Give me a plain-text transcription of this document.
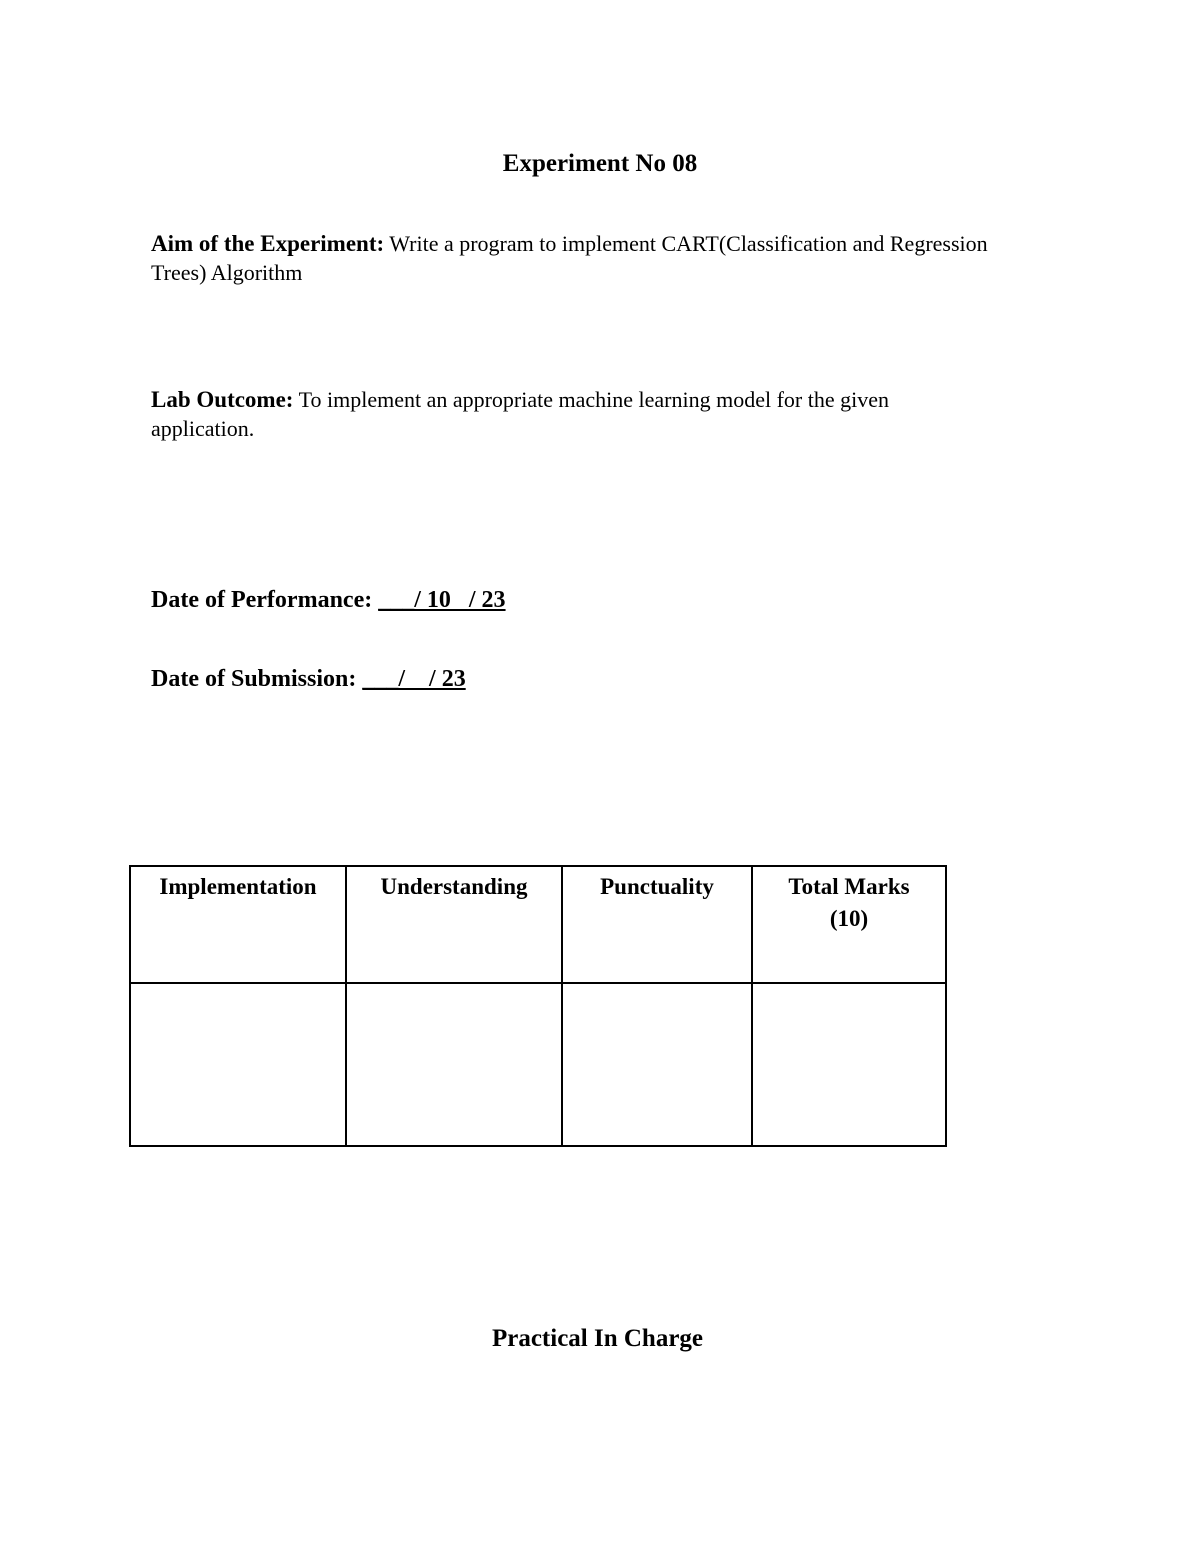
Experiment No 08
Aim of the Experiment: Write a program to implement CART(Classification and Regression Trees) Algorithm
Lab Outcome: To implement an appropriate machine learning model for the given application.
Date of Performance: ___/ 10   / 23
Date of Submission: ___/    / 23
Implementation	Understanding	Punctuality	Total Marks (10)

Practical In Charge
